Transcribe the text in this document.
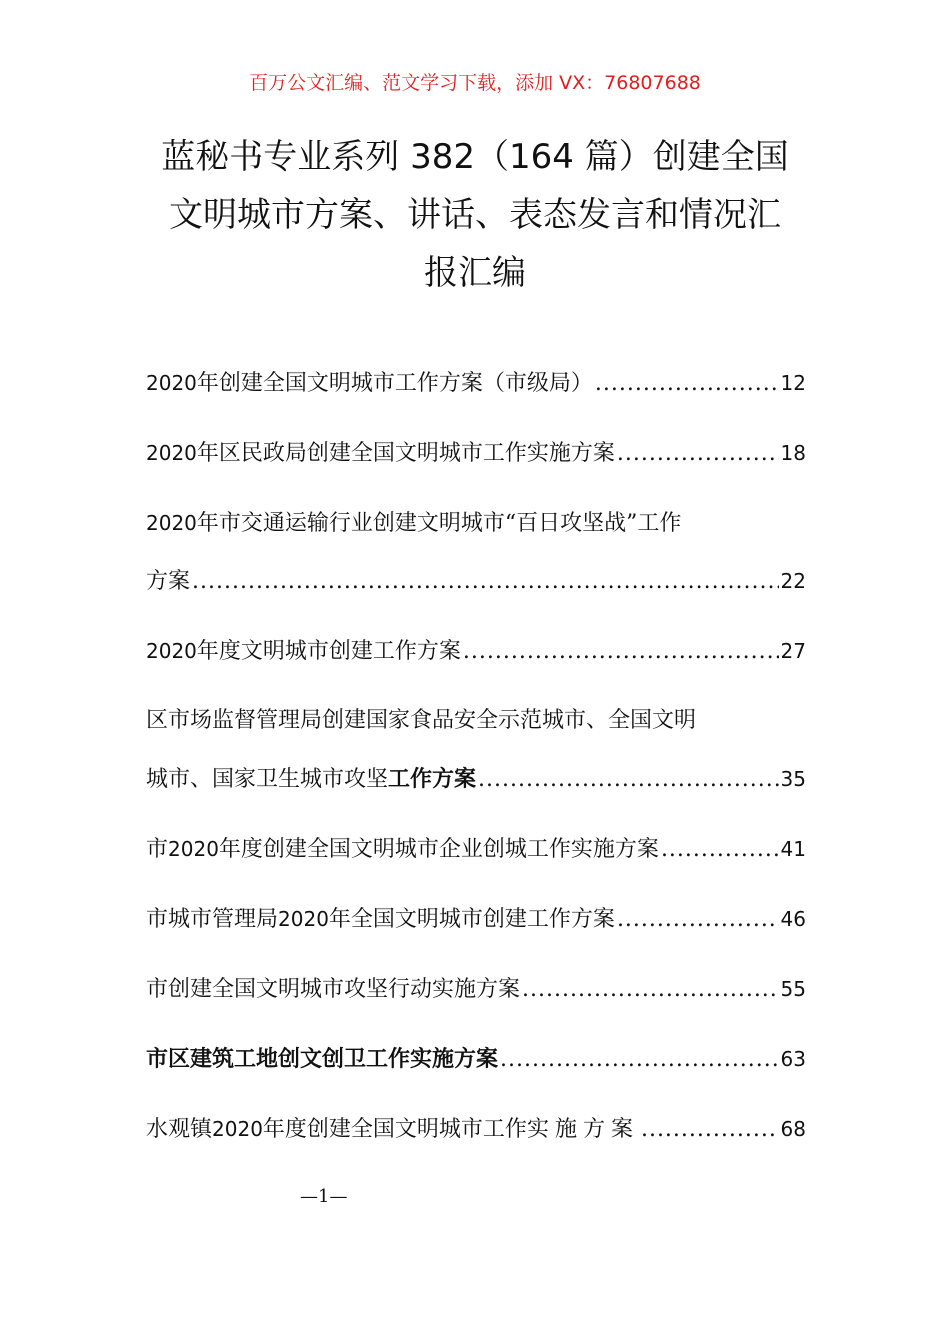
百万公文汇编、范文学习下载，添加 VX：76807688
蓝秘书专业系列 382（164 篇）创建全国
文明城市方案、讲话、表态发言和情况汇
报汇编
2020 年创建全国文明城市工作方案（市级局） .....	12
2020 年区民政局创建全国文明城市工作实施方案 .....	18
2020 年市交通运输行业创建文明城市“百日攻坚战”工作
方案 .....	22
2020 年度文明城市创建工作方案 .....	27
区市场监督管理局创建国家食品安全示范城市、全国文明
城市、国家卫生城市攻坚 工作方案 .....	35
市 2020 年度创建全国文明城市企业创城工作实施方案 .....	41
市城市管理局 2020 年全国文明城市创建工作方案 .....	46
市创建全国文明城市攻坚行动实施方案 .....	55
市区建筑工地创文创卫工作实施方案 .....	63
水观镇 2020 年度创建全国文明城市工作 实施方案 .....	68
—1—
